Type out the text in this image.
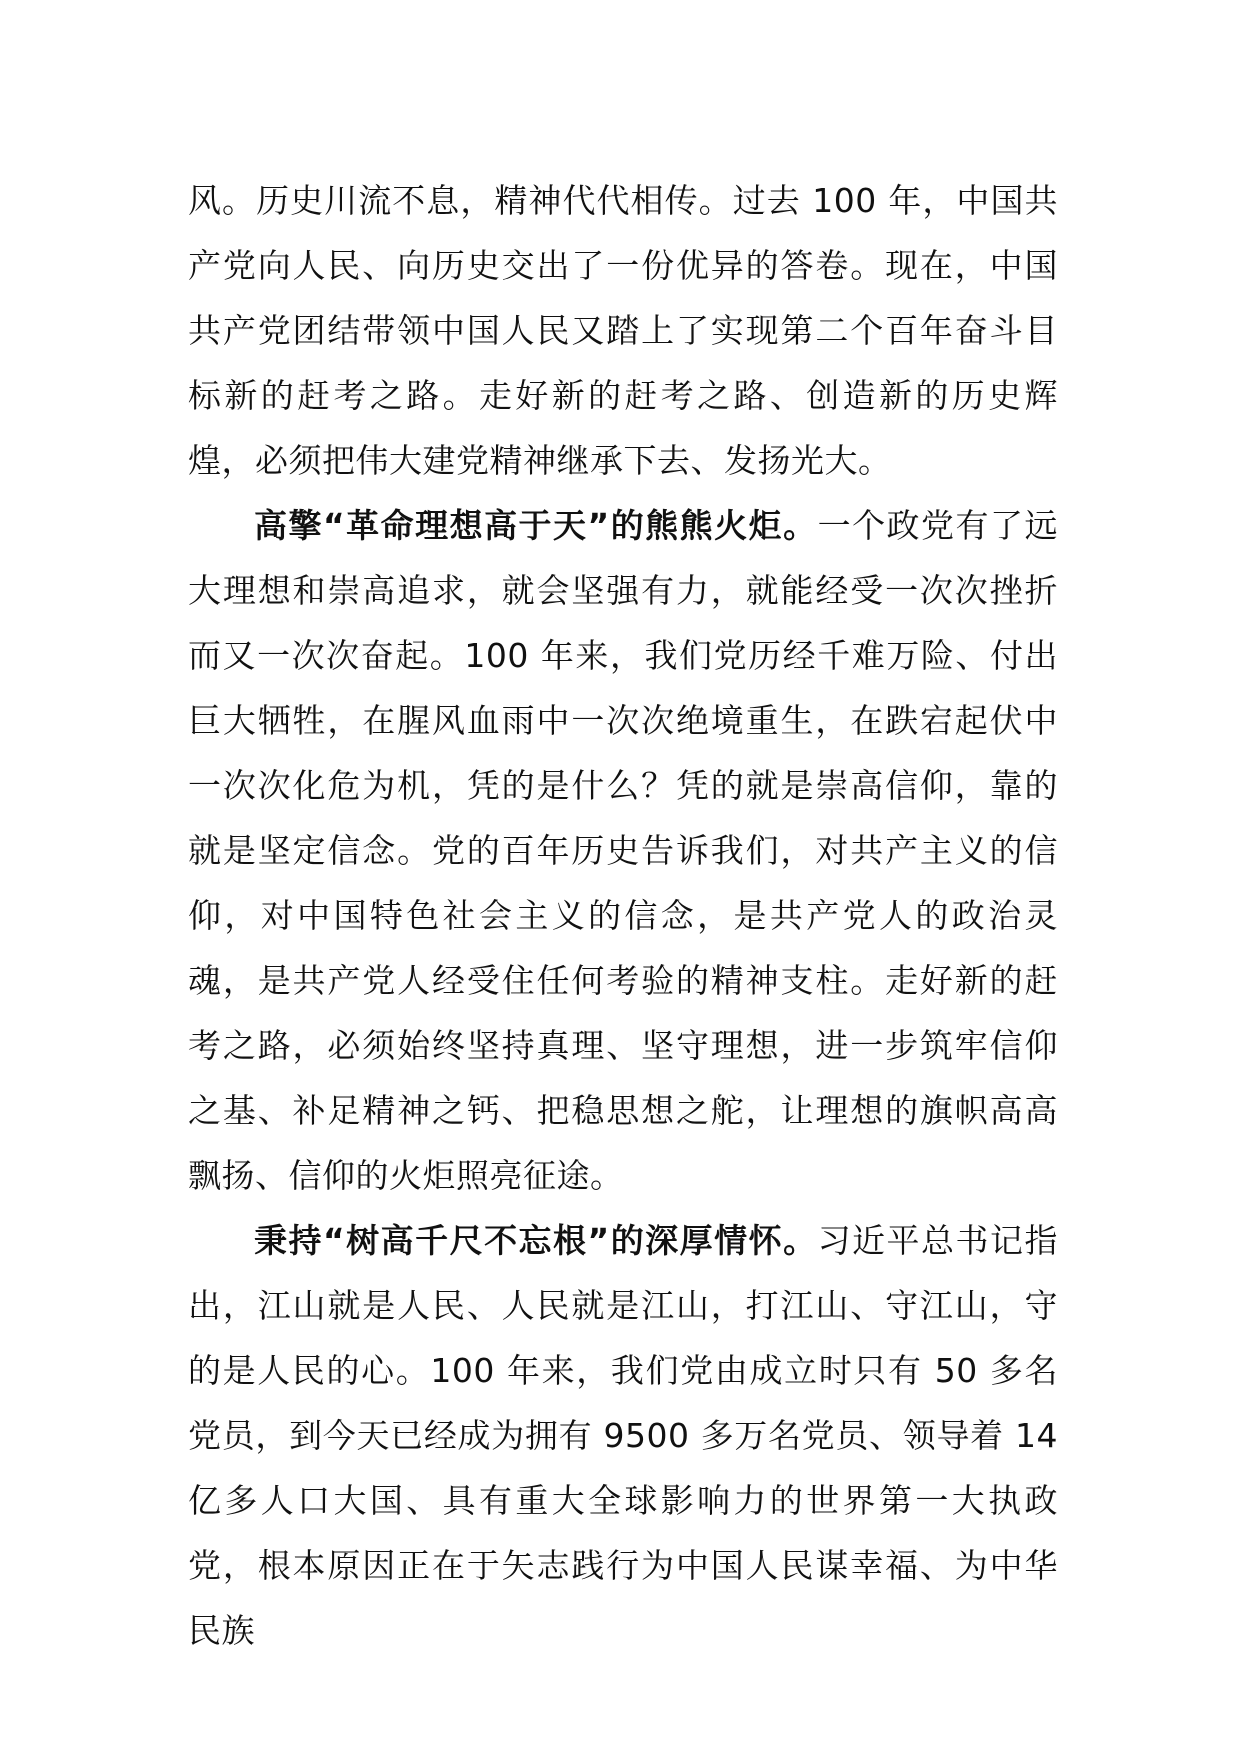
风。历史川流不息，精神代代相传。过去 100 年，中国共产党向人民、向历史交出了一份优异的答卷。现在，中国共产党团结带领中国人民又踏上了实现第二个百年奋斗目标新的赶考之路。走好新的赶考之路、创造新的历史辉煌，必须把伟大建党精神继承下去、发扬光大。

高擎“革命理想高于天”的熊熊火炬。一个政党有了远大理想和崇高追求，就会坚强有力，就能经受一次次挫折而又一次次奋起。100 年来，我们党历经千难万险、付出巨大牺牲，在腥风血雨中一次次绝境重生，在跌宕起伏中一次次化危为机，凭的是什么？凭的就是崇高信仰，靠的就是坚定信念。党的百年历史告诉我们，对共产主义的信仰，对中国特色社会主义的信念，是共产党人的政治灵魂，是共产党人经受住任何考验的精神支柱。走好新的赶考之路，必须始终坚持真理、坚守理想，进一步筑牢信仰之基、补足精神之钙、把稳思想之舵，让理想的旗帜高高飘扬、信仰的火炬照亮征途。

秉持“树高千尺不忘根”的深厚情怀。习近平总书记指出，江山就是人民、人民就是江山，打江山、守江山，守的是人民的心。100 年来，我们党由成立时只有 50 多名党员，到今天已经成为拥有 9500 多万名党员、领导着 14 亿多人口大国、具有重大全球影响力的世界第一大执政党，根本原因正在于矢志践行为中国人民谋幸福、为中华民族
